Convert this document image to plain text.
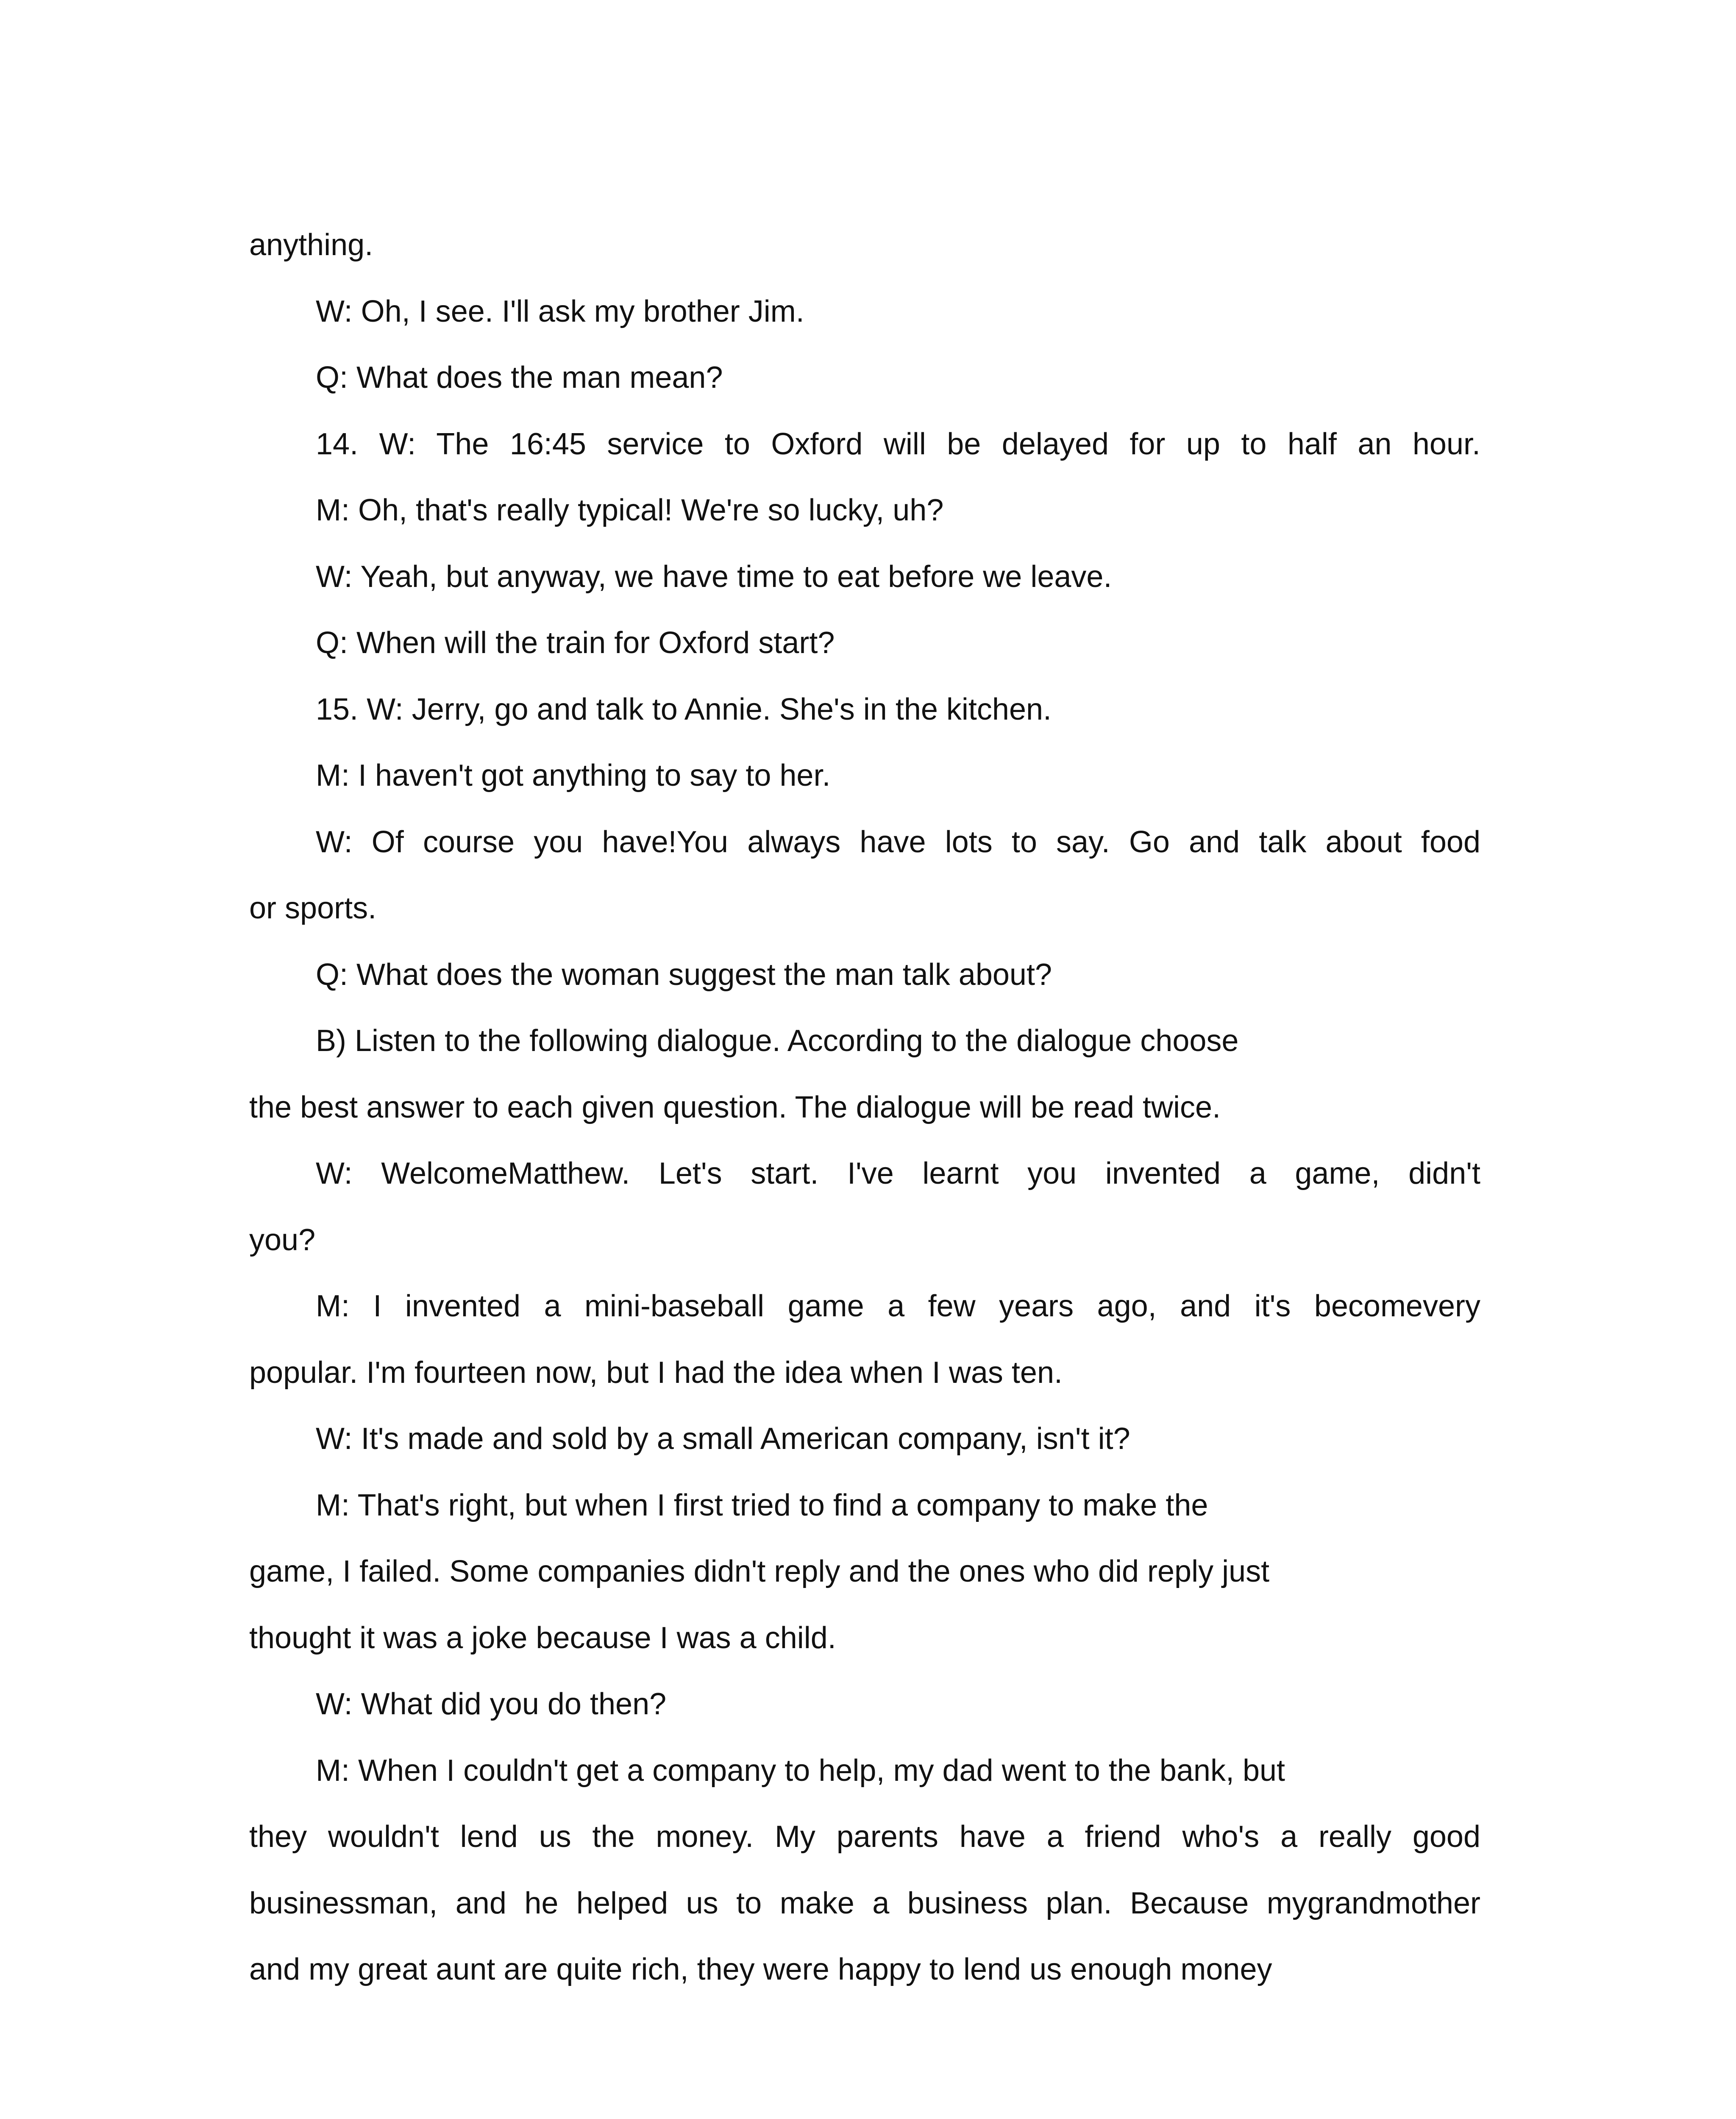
anything.
W: Oh, I see. I'll ask my brother Jim.
Q: What does the man mean?
14. W: The 16:45 service to Oxford will be delayed for up to half an hour.
M: Oh, that's really typical! We're so lucky, uh?
W: Yeah, but anyway, we have time to eat before we leave.
Q: When will the train for Oxford start?
15. W: Jerry, go and talk to Annie. She's in the kitchen.
M: I haven't got anything to say to her.
W: Of course you have!You always have lots to say. Go and talk about food
or sports.
Q: What does the woman suggest the man talk about?
B) Listen to the following dialogue. According to the dialogue choose
the best answer to each given question. The dialogue will be read twice.
W: WelcomeMatthew. Let's start. I've learnt you invented a game, didn't
you?
M: I invented a mini-baseball game a few years ago, and it's becomevery
popular. I'm fourteen now, but I had the idea when I was ten.
W: It's made and sold by a small American company, isn't it?
M: That's right, but when I first tried to find a company to make the
game, I failed. Some companies didn't reply and the ones who did reply just
thought it was a joke because I was a child.
W: What did you do then?
M: When I couldn't get a company to help, my dad went to the bank, but
they wouldn't lend us the money. My parents have a friend who's a really good
businessman, and he helped us to make a business plan. Because mygrandmother
and my great aunt are quite rich, they were happy to lend us enough money
